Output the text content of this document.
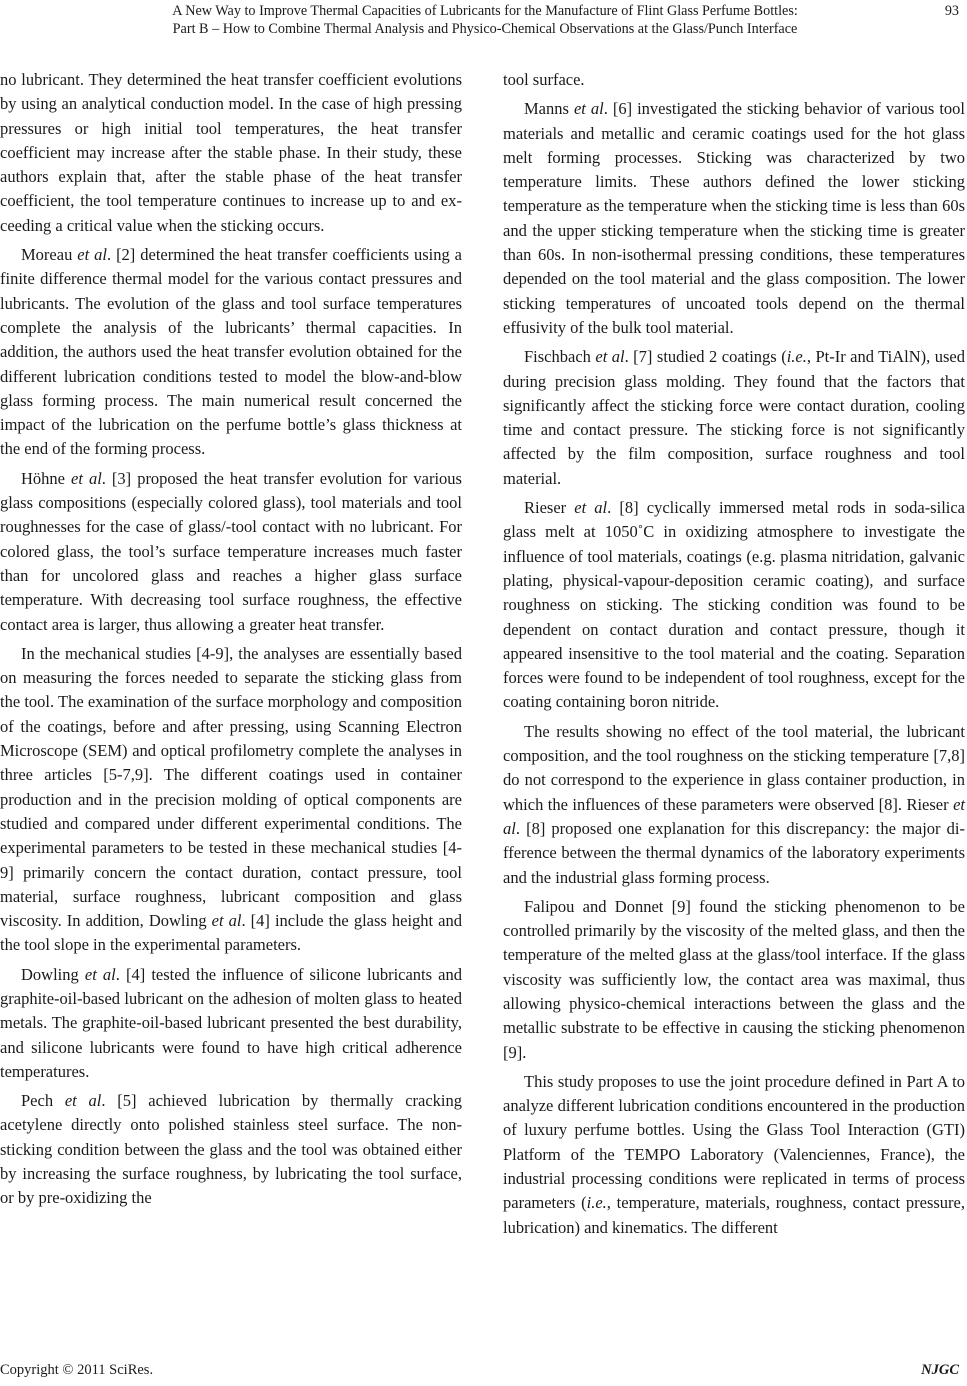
A New Way to Improve Thermal Capacities of Lubricants for the Manufacture of Flint Glass Perfume Bottles:
Part B – How to Combine Thermal Analysis and Physico-Chemical Observations at the Glass/Punch Interface
93

no lubricant. They determined the heat transfer coefficient evolutions by using an analytical conduction model. In the case of high pressing pressures or high initial tool temperatures, the heat transfer coefficient may increase after the stable phase. In their study, these authors explain that, after the stable phase of the heat transfer coefficient, the tool temperature continues to increase up to and exceeding a critical value when the sticking occurs.

Moreau et al. [2] determined the heat transfer coefficients using a finite difference thermal model for the various contact pressures and lubricants. The evolution of the glass and tool surface temperatures complete the analysis of the lubricants’ thermal capacities. In addition, the authors used the heat transfer evolution obtained for the different lubrication conditions tested to model the blow-and-blow glass forming process. The main numerical result concerned the impact of the lubrication on the perfume bottle’s glass thickness at the end of the forming process.

Höhne et al. [3] proposed the heat transfer evolution for various glass compositions (especially colored glass), tool materials and tool roughnesses for the case of glass/-tool contact with no lubricant. For colored glass, the tool’s surface temperature increases much faster than for uncolored glass and reaches a higher glass surface temperature. With decreasing tool surface roughness, the effective contact area is larger, thus allowing a greater heat transfer.

In the mechanical studies [4-9], the analyses are essentially based on measuring the forces needed to separate the sticking glass from the tool. The examination of the surface morphology and composition of the coatings, before and after pressing, using Scanning Electron Microscope (SEM) and optical profilometry complete the analyses in three articles [5-7,9]. The different coatings used in container production and in the precision molding of optical components are studied and compared under different experimental conditions. The experimental parameters to be tested in these mechanical studies [4-9] primarily concern the contact duration, contact pressure, tool material, surface roughness, lubricant composition and glass viscosity. In addition, Dowling et al. [4] include the glass height and the tool slope in the experimental parameters.

Dowling et al. [4] tested the influence of silicone lubricants and graphite-oil-based lubricant on the adhesion of molten glass to heated metals. The graphite-oil-based lubricant presented the best durability, and silicone lubricants were found to have high critical adherence temperatures.

Pech et al. [5] achieved lubrication by thermally cracking acetylene directly onto polished stainless steel surface. The non-sticking condition between the glass and the tool was obtained either by increasing the surface roughness, by lubricating the tool surface, or by pre-oxidizing the

tool surface.

Manns et al. [6] investigated the sticking behavior of various tool materials and metallic and ceramic coatings used for the hot glass melt forming processes. Sticking was characterized by two temperature limits. These authors defined the lower sticking temperature as the temperature when the sticking time is less than 60s and the upper sticking temperature when the sticking time is greater than 60s. In non-isothermal pressing conditions, these temperatures depended on the tool material and the glass composition. The lower sticking temperatures of uncoated tools depend on the thermal effusivity of the bulk tool material.

Fischbach et al. [7] studied 2 coatings (i.e., Pt-Ir and TiAlN), used during precision glass molding. They found that the factors that significantly affect the sticking force were contact duration, cooling time and contact pressure. The sticking force is not significantly affected by the film composition, surface roughness and tool material.

Rieser et al. [8] cyclically immersed metal rods in soda-silica glass melt at 1050˚C in oxidizing atmosphere to investigate the influence of tool materials, coatings (e.g. plasma nitridation, galvanic plating, physical-vapour-deposition ceramic coating), and surface roughness on sticking. The sticking condition was found to be dependent on contact duration and contact pressure, though it appeared insensitive to the tool material and the coating. Separation forces were found to be independent of tool roughness, except for the coating containing boron nitride.

The results showing no effect of the tool material, the lubricant composition, and the tool roughness on the sticking temperature [7,8] do not correspond to the experience in glass container production, in which the influences of these parameters were observed [8]. Rieser et al. [8] proposed one explanation for this discrepancy: the major difference between the thermal dynamics of the laboratory experiments and the industrial glass forming process.

Falipou and Donnet [9] found the sticking phenomenon to be controlled primarily by the viscosity of the melted glass, and then the temperature of the melted glass at the glass/tool interface. If the glass viscosity was sufficiently low, the contact area was maximal, thus allowing physico-chemical interactions between the glass and the metallic substrate to be effective in causing the sticking phenomenon [9].

This study proposes to use the joint procedure defined in Part A to analyze different lubrication conditions encountered in the production of luxury perfume bottles. Using the Glass Tool Interaction (GTI) Platform of the TEMPO Laboratory (Valenciennes, France), the industrial processing conditions were replicated in terms of process parameters (i.e., temperature, materials, roughness, contact pressure, lubrication) and kinematics. The different

Copyright © 2011 SciRes.	NJGC
